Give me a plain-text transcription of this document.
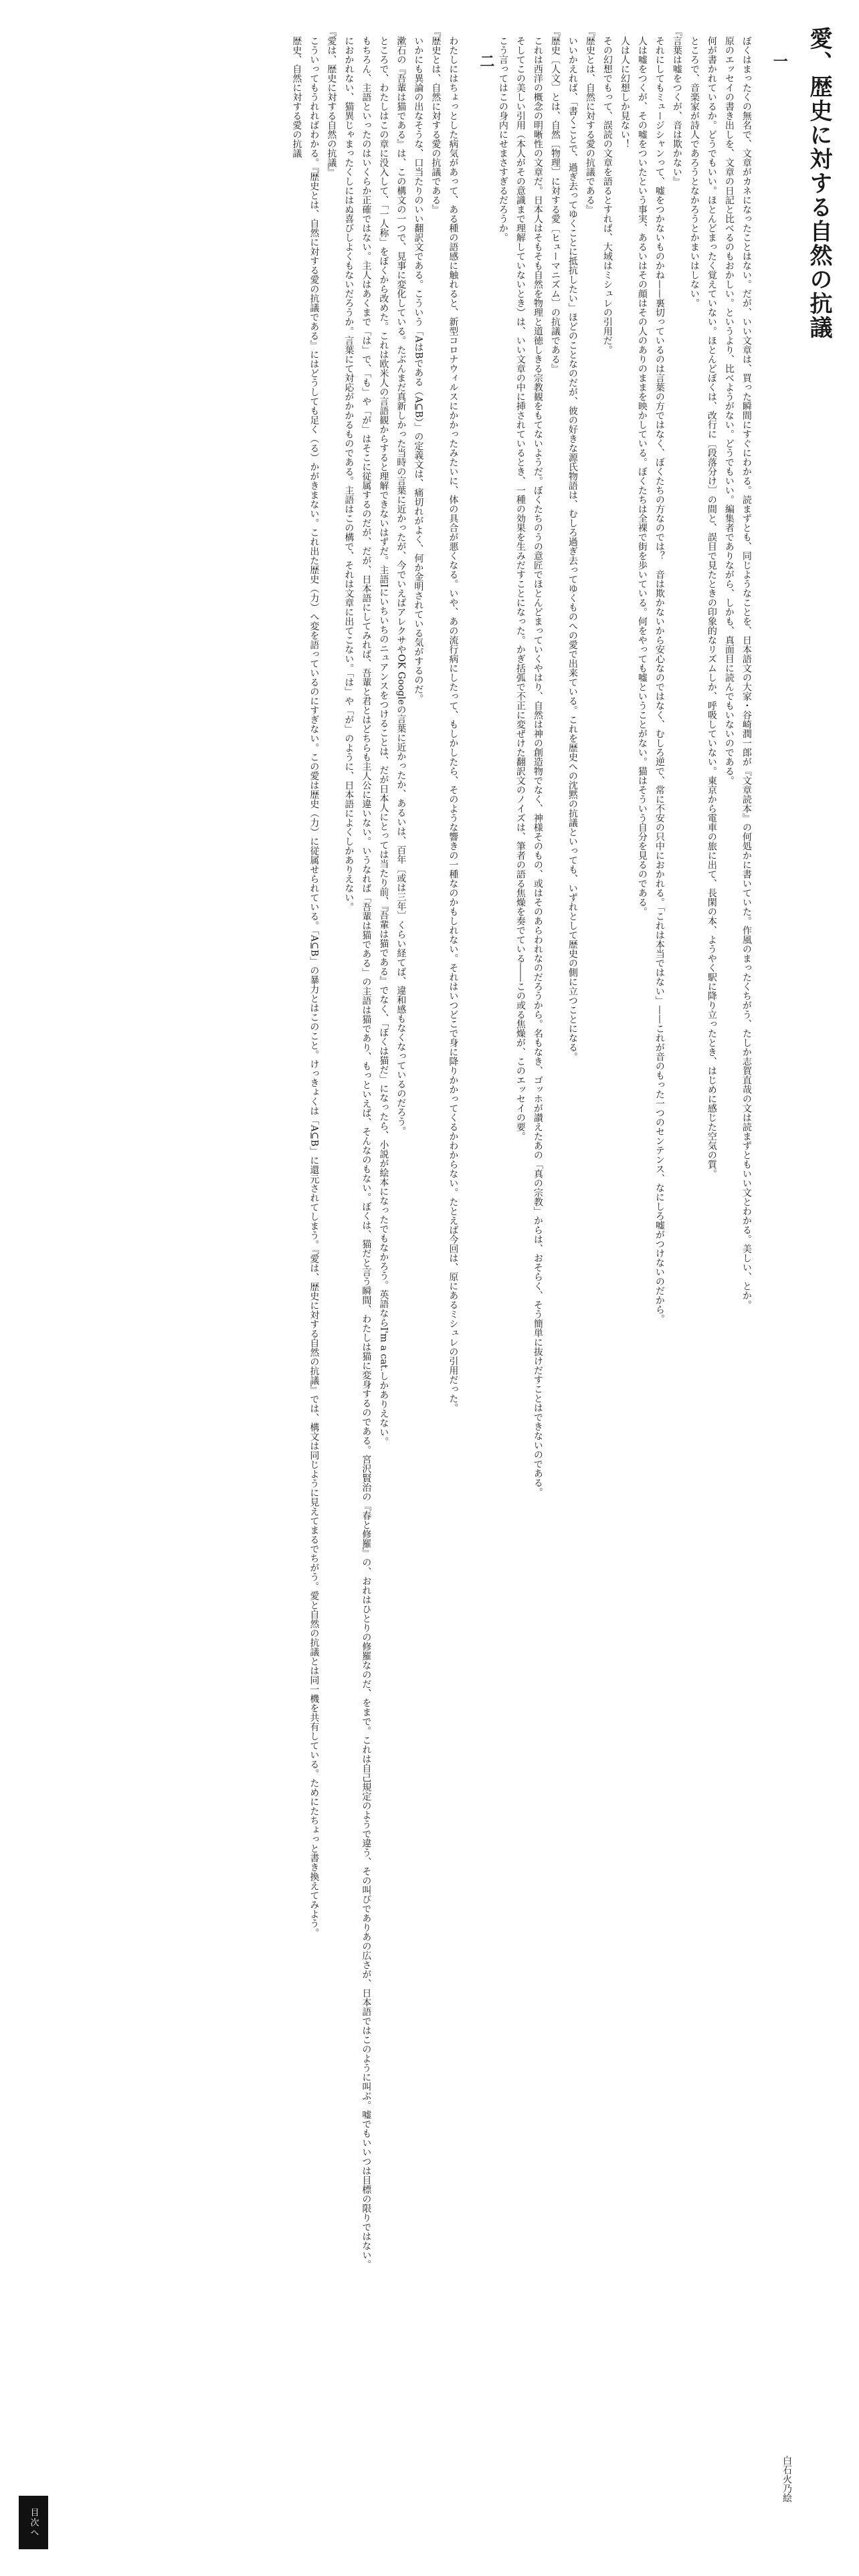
愛、歴史に対する自然の抗議
一

ぼくはまったくの無名で、文章がカネになったことはない。だが、いい文章は、買った瞬間にすぐにわかる。読まずとも、同じようなことを、日本語文の大家・谷崎潤一郎が『文章読本』の何処かに書いていた。作風のまったくちがう、たしか志賀直哉の文は読まずともいい文とわかる。美しい、とか。

原のエッセイの書き出しを、文章の日記と比べるのもおかしい。というより、比べようがない。どうでもいい。編集者でありながら、しかも、真面目に読んでもいないのである。

何が書かれているか。どうでもいい。ほとんどまったく覚えていない。ほとんどぼくは、改行に〔段落分け〕の間と、誤目で見たときの印象的なリズムしか、呼吸していない。東京から電車の旅に出て、長閑の本、ようやく駅に降り立ったとき、はじめに感じた空気の質。

ところで、音楽家が詩人であろうとなかろうとかまいはしない。

『言葉は嘘をつくが、音は欺かない』

それにしてもミュージシャンって、嘘をつかないものかね——裏切っているのは言葉の方ではなく、ぼくたちの方なのでは？　音は欺かないから安心なのではなく、むしろ逆で、常に不安の只中におかれる。「これは本当ではない」——これが音のもった一つのセンテンス、なにしろ嘘がつけないのだから。

人は嘘をつくが、その嘘をついたという事実、あるいはその顔はその人のありのままを映かしている。ぼくたちは全裸で街を歩いている。何をやっても嘘ということがない。猫はそういう自分を見るのである。

人は人に幻想しか見ない！

その幻想でもって、誤読の文章を語るとすれば、大域はミシュレの引用だ。

『歴史とは、自然に対する愛の抗議である』

いいかえれば、「書くことで、過ぎ去ってゆくことに抵抗したい」ほどのことなのだが、彼の好きな源氏物語は、むしろ過ぎ去ってゆくものへの愛で出来ている。これを歴史への沈黙の抗議といっても、いずれとして歴史の側に立つことになる。

『歴史〔人文〕とは、自然〔物理〕に対する愛〔ヒューマニズム〕の抗議である』

これは西洋の概念の明晰性の文章だ。日本人はそもそも自然を物理と道徳しきる宗教観をもてないようだ。ぼくたちのうの意匠でほとんどまっていくやはり、自然は神の創造物でなく、神様そのもの、或はそのあらわれなのだろうから。名もなき、ゴッホが讃えたあの「真の宗教」からは、おそらく、そう簡単に抜けだすことはできないのである。

そしてこの美しい引用（本人がその意識まで理解していないとき）は、いい文章の中に挿されているとき、一種の効果を生みだすことになった。かぎ括弧で不正に変ぜけた翻訳文のノイズは、筆者の語る焦燥を奏でている――この或る焦燥が、このエッセイの要。

こう言ってはこの身内にせまさすぎるだろうか。

二

わたしにはちょっとした病気があって、ある種の語感に触れると、新型コロナウィルスにかかったみたいに、体の具合が悪くなる。いや、あの流行病にしたって、もしかしたら、そのような響きの一種なのかもしれない。それはいつどこで身に降りかかってくるかわからない。たとえば今回は、原にあるミシュレの引用だった。

『歴史とは、自然に対する愛の抗議である』

いかにも異論の出なそうな、口当たりのいい翻訳文である。こういう「AはBである（A⊆B）」の定義文は、痛切れがよく、何か金明されている気がするのだ。

漱石の『吾輩は猫である』は、この構文の一つで、見事に変化している。たぶんまだ真新しかった当時の言葉に近かったが、今でいえばアレクサやOK Googleの言葉に近かったか、あるいは、百年〔或は三年〕くらい経てば、違和感もなくなっているのだろう。

ところで、わたしはこの章に没入して、「一人称」をぼくから改めた。これは欧米人の言語観からすると理解できないはずだ。主語Iにいちいちのニュアンスをつけることは、だが日本人にとっては当たり前、『吾輩は猫である』でなく、「ぼくは猫だ」になったら、小説が絵本になったでもなかろう。英語ならI'm a cat.しかありえない。

もちろん、主語といったのはいくらか正確ではない。主人はあくまで「は」で、「も」や「が」はそこに従属するのだが、だが、日本語にしてみれば、吾輩と君とはどちらも主人公に違いない。いうなれば「吾輩は猫である」の主語は猫であり、もっといえば、そんなのもない。ぼくは、猫だと言う瞬間、わたしは猫に変身するのである。宮沢賢治の『春と修羅』の、おれはひとりの修羅なのだ、をまで。これは自己規定のようで違う、その叫びでありあの広さが、日本語ではこのように叫ぶ。嘘でもいいつは目標の限りではない。

におかれない、猫異じゃまったくしにはぬ喜びしよくもないだろうか。言葉にて対応がかかるものである。主語はこの構で、それは文章に出てこない。「は」や「が」のように、日本語によくしかありえない。

『愛は、歴史に対する自然の抗議』

こういってもうれればわかる。『歴史とは、自然に対する愛の抗議である』にはどうしても足く（る）かがきまない。これ出た歴史（力）へ変を語っているのにすぎない。この愛は歴史（力）に従属せられている。「A⊆B」の暴力とはこのこと。けっきょくは「A⊆B」に還元されてしまう。『愛は、歴史に対する自然の抗議』では、構文は同じように見えてまるでちがう。愛と自然の抗議とは同一機を共有している。ためにたちょっと書き換えてみよう。

歴史、自然に対する愛の抗議

白石火乃絵
目次へ
